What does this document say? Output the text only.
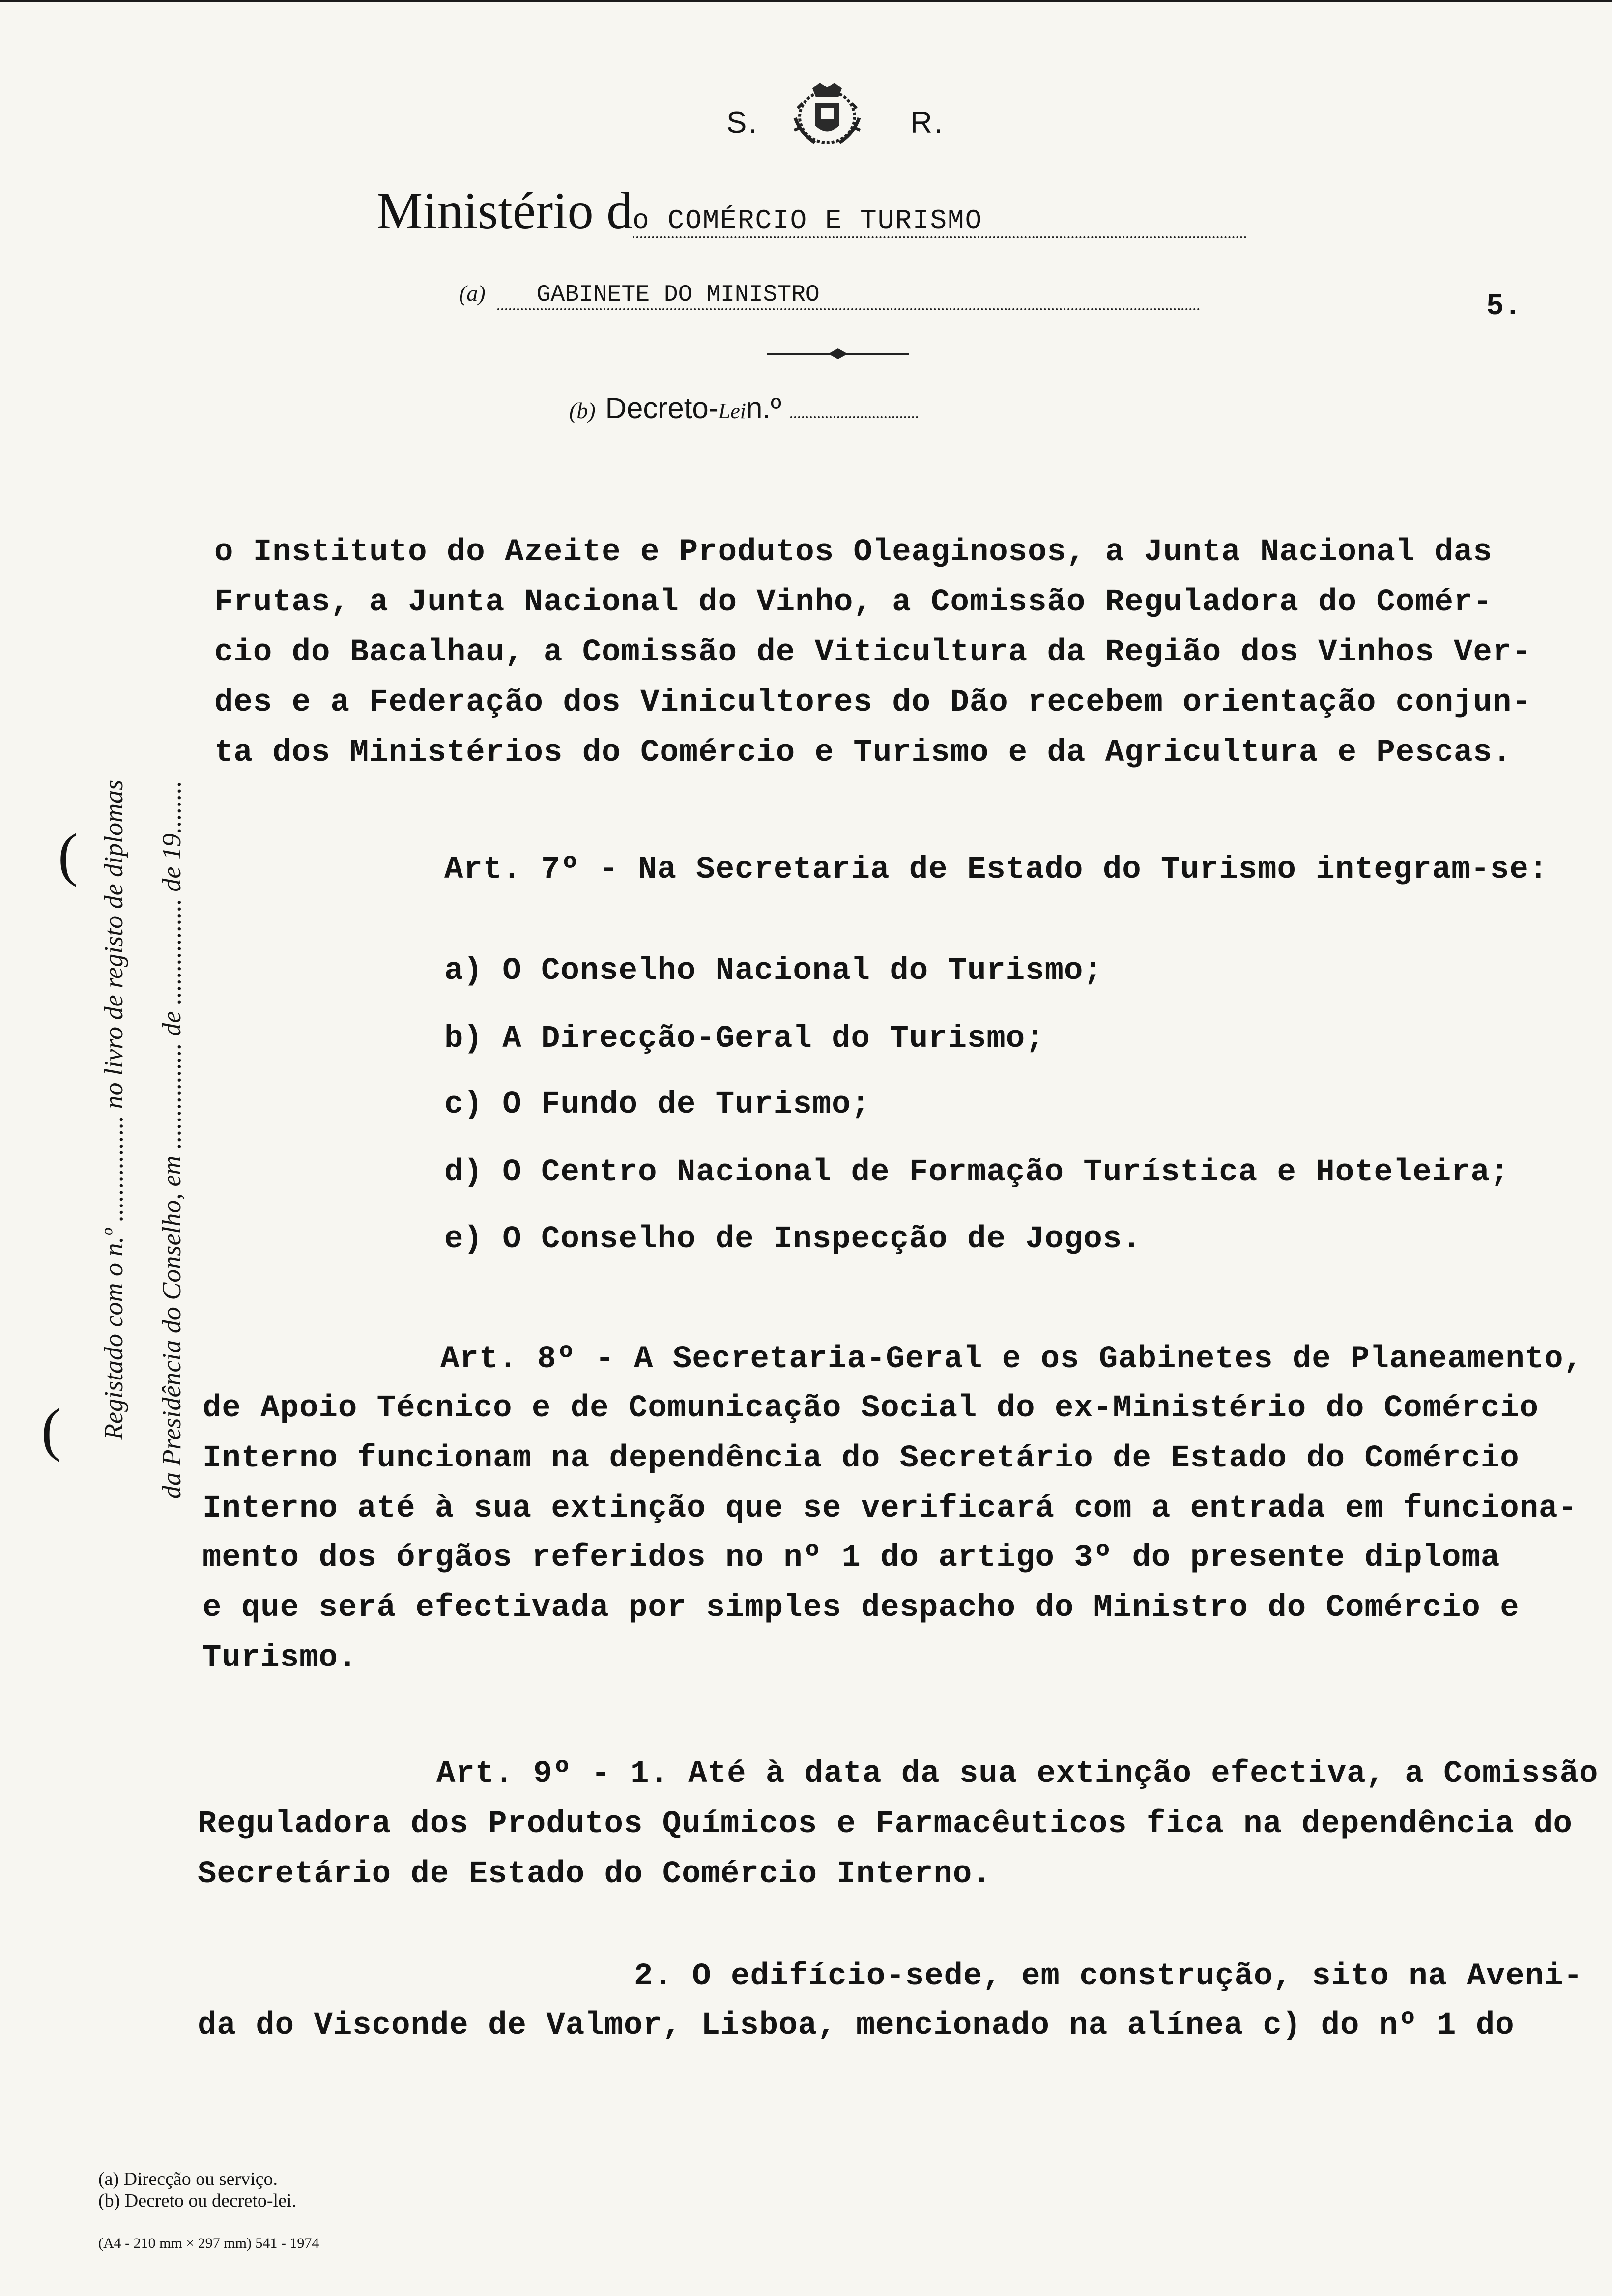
S.	R.
Ministério do COMÉRCIO E TURISMO
(a) GABINETE DO MINISTRO	5.
(b) Decreto-Lein.º
(
( Registado com o n.º ................ no livro de registo de diplomas da Presidência do Conselho, em ................ de ................ de 19........
o Instituto do Azeite e Produtos Oleaginosos, a Junta Nacional das
Frutas, a Junta Nacional do Vinho, a Comissão Reguladora do Comér-
cio do Bacalhau, a Comissão de Viticultura da Região dos Vinhos Ver-
des e a Federação dos Vinicultores do Dão recebem orientação conjun-
ta dos Ministérios do Comércio e Turismo e da Agricultura e Pescas.
Art. 7º - Na Secretaria de Estado do Turismo integram-se:
a) O Conselho Nacional do Turismo;
b) A Direcção-Geral do Turismo;
c) O Fundo de Turismo;
d) O Centro Nacional de Formação Turística e Hoteleira;
e) O Conselho de Inspecção de Jogos.
Art. 8º - A Secretaria-Geral e os Gabinetes de Planeamento,
de Apoio Técnico e de Comunicação Social do ex-Ministério do Comércio
Interno funcionam na dependência do Secretário de Estado do Comércio
Interno até à sua extinção que se verificará com a entrada em funciona-
mento dos órgãos referidos no nº 1 do artigo 3º do presente diploma
e que será efectivada por simples despacho do Ministro do Comércio e
Turismo.
Art. 9º - 1. Até à data da sua extinção efectiva, a Comissão
Reguladora dos Produtos Químicos e Farmacêuticos fica na dependência do
Secretário de Estado do Comércio Interno.
2. O edifício-sede, em construção, sito na Aveni-
da do Visconde de Valmor, Lisboa, mencionado na alínea c) do nº 1 do
(a) Direcção ou serviço.
(b) Decreto ou decreto-lei.
(A4 - 210 mm × 297 mm) 541 - 1974
